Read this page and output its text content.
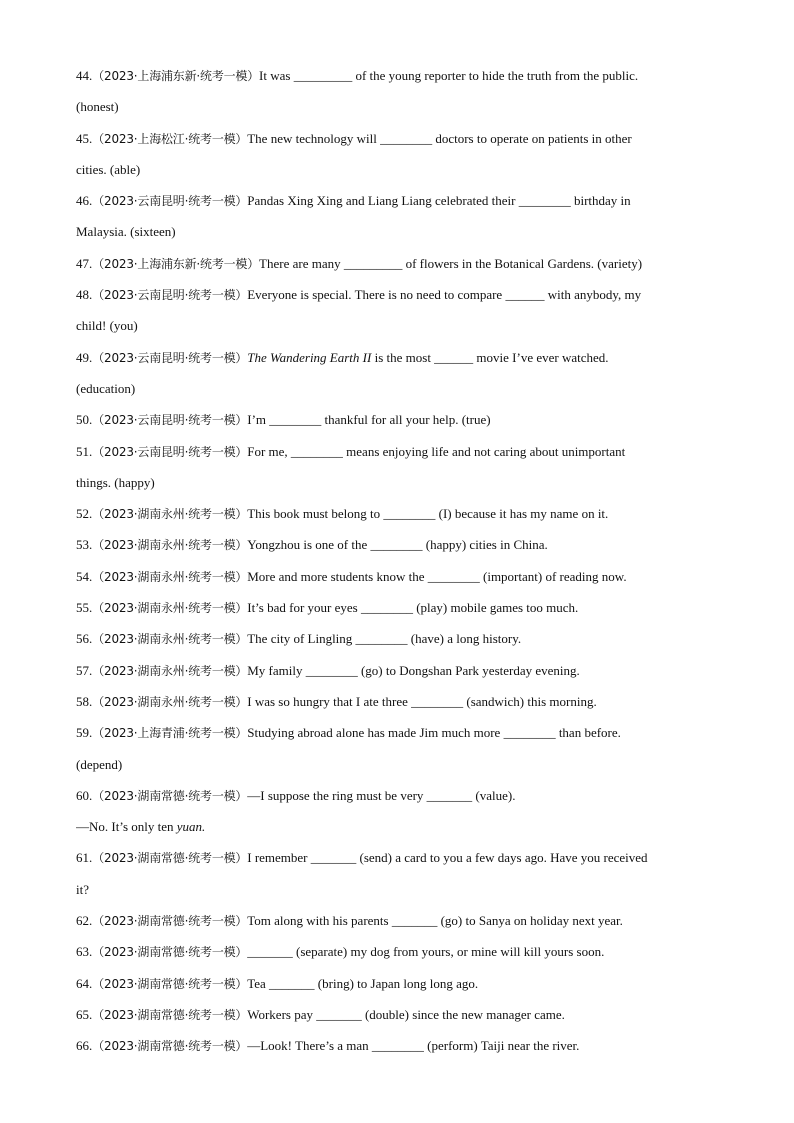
44.（2023·上海浦东新·统考一模）It was _________ of the young reporter to hide the truth from the public.
(honest)
45.（2023·上海松江·统考一模）The new technology will ________ doctors to operate on patients in other
cities. (able)
46.（2023·云南昆明·统考一模）Pandas Xing Xing and Liang Liang celebrated their ________ birthday in
Malaysia. (sixteen)
47.（2023·上海浦东新·统考一模）There are many _________ of flowers in the Botanical Gardens. (variety)
48.（2023·云南昆明·统考一模）Everyone is special. There is no need to compare ______ with anybody, my
child! (you)
49.（2023·云南昆明·统考一模）The Wandering Earth II is the most ______ movie I’ve ever watched.
(education)
50.（2023·云南昆明·统考一模）I’m ________ thankful for all your help. (true)
51.（2023·云南昆明·统考一模）For me, ________ means enjoying life and not caring about unimportant
things. (happy)
52.（2023·湖南永州·统考一模）This book must belong to ________ (I) because it has my name on it.
53.（2023·湖南永州·统考一模）Yongzhou is one of the ________ (happy) cities in China.
54.（2023·湖南永州·统考一模）More and more students know the ________ (important) of reading now.
55.（2023·湖南永州·统考一模）It’s bad for your eyes ________ (play) mobile games too much.
56.（2023·湖南永州·统考一模）The city of Lingling ________ (have) a long history.
57.（2023·湖南永州·统考一模）My family ________ (go) to Dongshan Park yesterday evening.
58.（2023·湖南永州·统考一模）I was so hungry that I ate three ________ (sandwich) this morning.
59.（2023·上海青浦·统考一模）Studying abroad alone has made Jim much more ________ than before.
(depend)
60.（2023·湖南常德·统考一模）—I suppose the ring must be very _______ (value).
—No. It’s only ten yuan.
61.（2023·湖南常德·统考一模）I remember _______ (send) a card to you a few days ago. Have you received
it?
62.（2023·湖南常德·统考一模）Tom along with his parents _______ (go) to Sanya on holiday next year.
63.（2023·湖南常德·统考一模）_______ (separate) my dog from yours, or mine will kill yours soon.
64.（2023·湖南常德·统考一模）Tea _______ (bring) to Japan long long ago.
65.（2023·湖南常德·统考一模）Workers pay _______ (double) since the new manager came.
66.（2023·湖南常德·统考一模）—Look! There’s a man ________ (perform) Taiji near the river.
